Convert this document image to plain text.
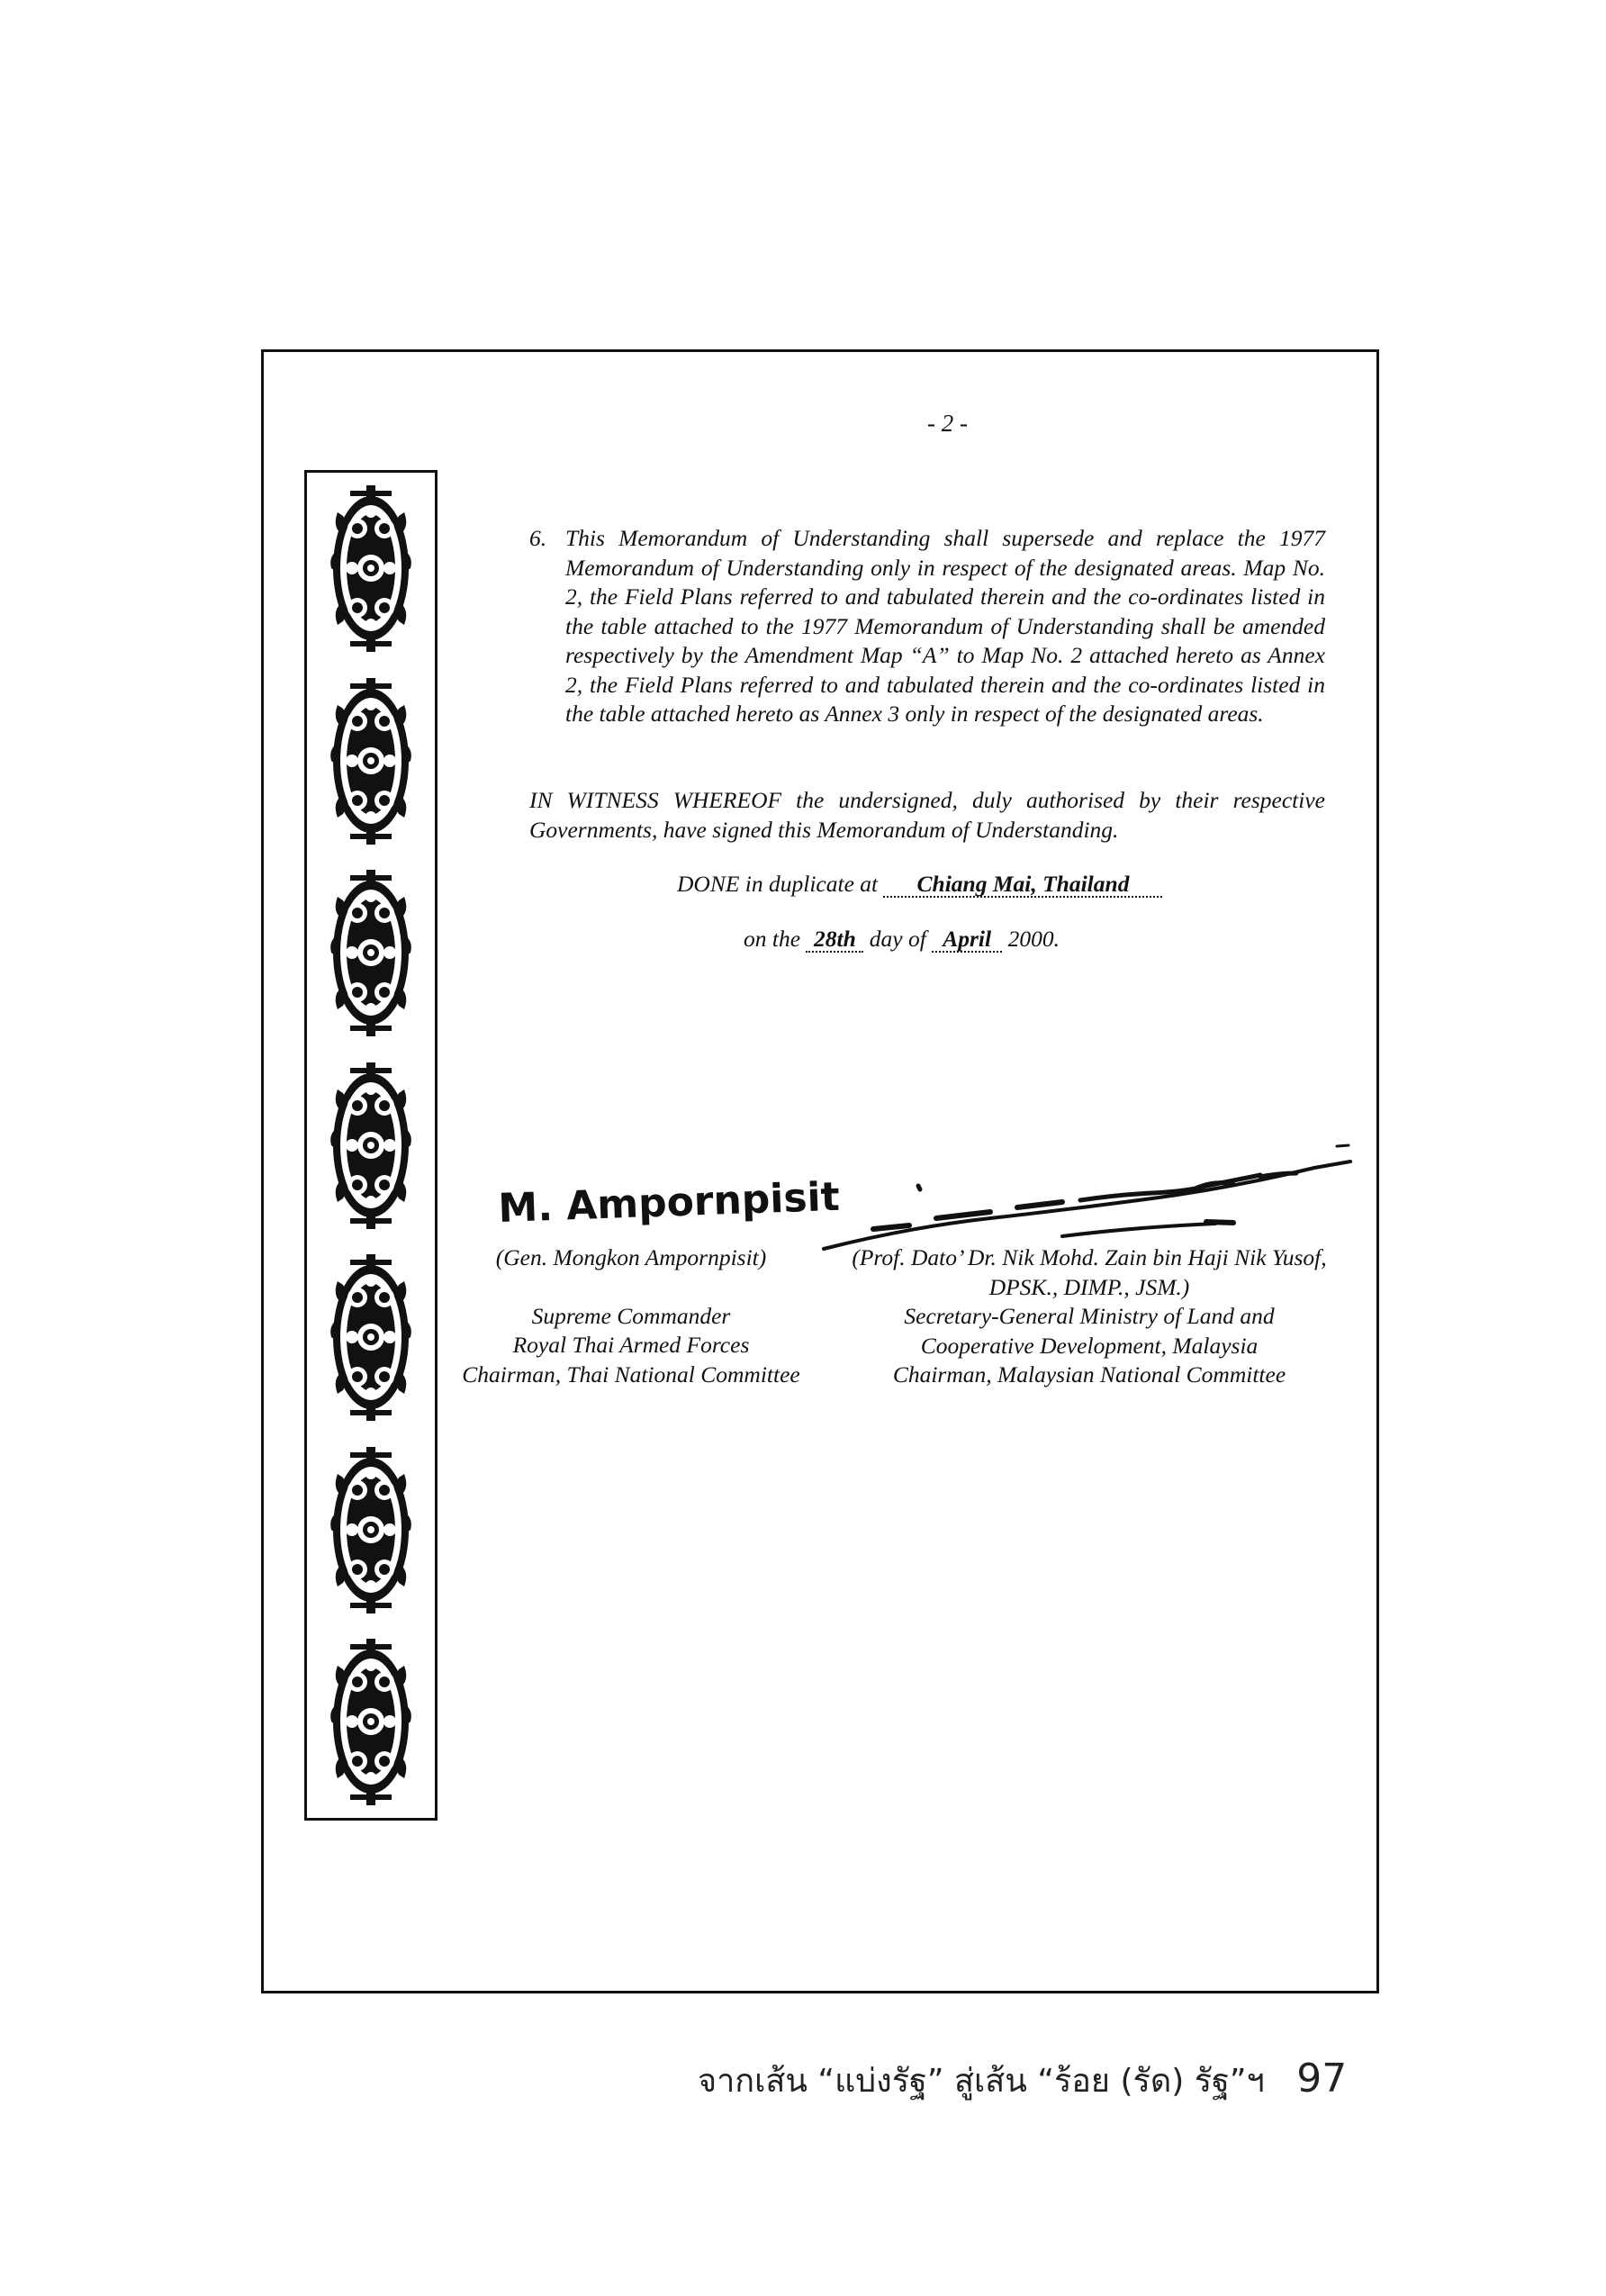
- 2 -
6. This Memorandum of Understanding shall supersede and replace the 1977 Memorandum of Understanding only in respect of the designated areas. Map No. 2, the Field Plans referred to and tabulated therein and the co-ordinates listed in the table attached to the 1977 Memorandum of Understanding shall be amended respectively by the Amendment Map “A” to Map No. 2 attached hereto as Annex 2, the Field Plans referred to and tabulated therein and the co-ordinates listed in the table attached hereto as Annex 3 only in respect of the designated areas.
IN WITNESS WHEREOF the undersigned, duly authorised by their respective Governments, have signed this Memorandum of Understanding.
DONE in duplicate at Chiang Mai, Thailand
on the 28th day of April 2000.
M. Ampornpisit

(Gen. Mongkon Ampornpisit)

Supreme Commander

Royal Thai Armed Forces

Chairman, Thai National Committee

(Prof. Dato’ Dr. Nik Mohd. Zain bin Haji Nik Yusof,

DPSK., DIMP., JSM.)

Secretary-General Ministry of Land and

Cooperative Development, Malaysia

Chairman, Malaysian National Committee

จากเส้น “แบ่งรัฐ” สู่เส้น “ร้อย (รัด) รัฐ”ฯ 97
